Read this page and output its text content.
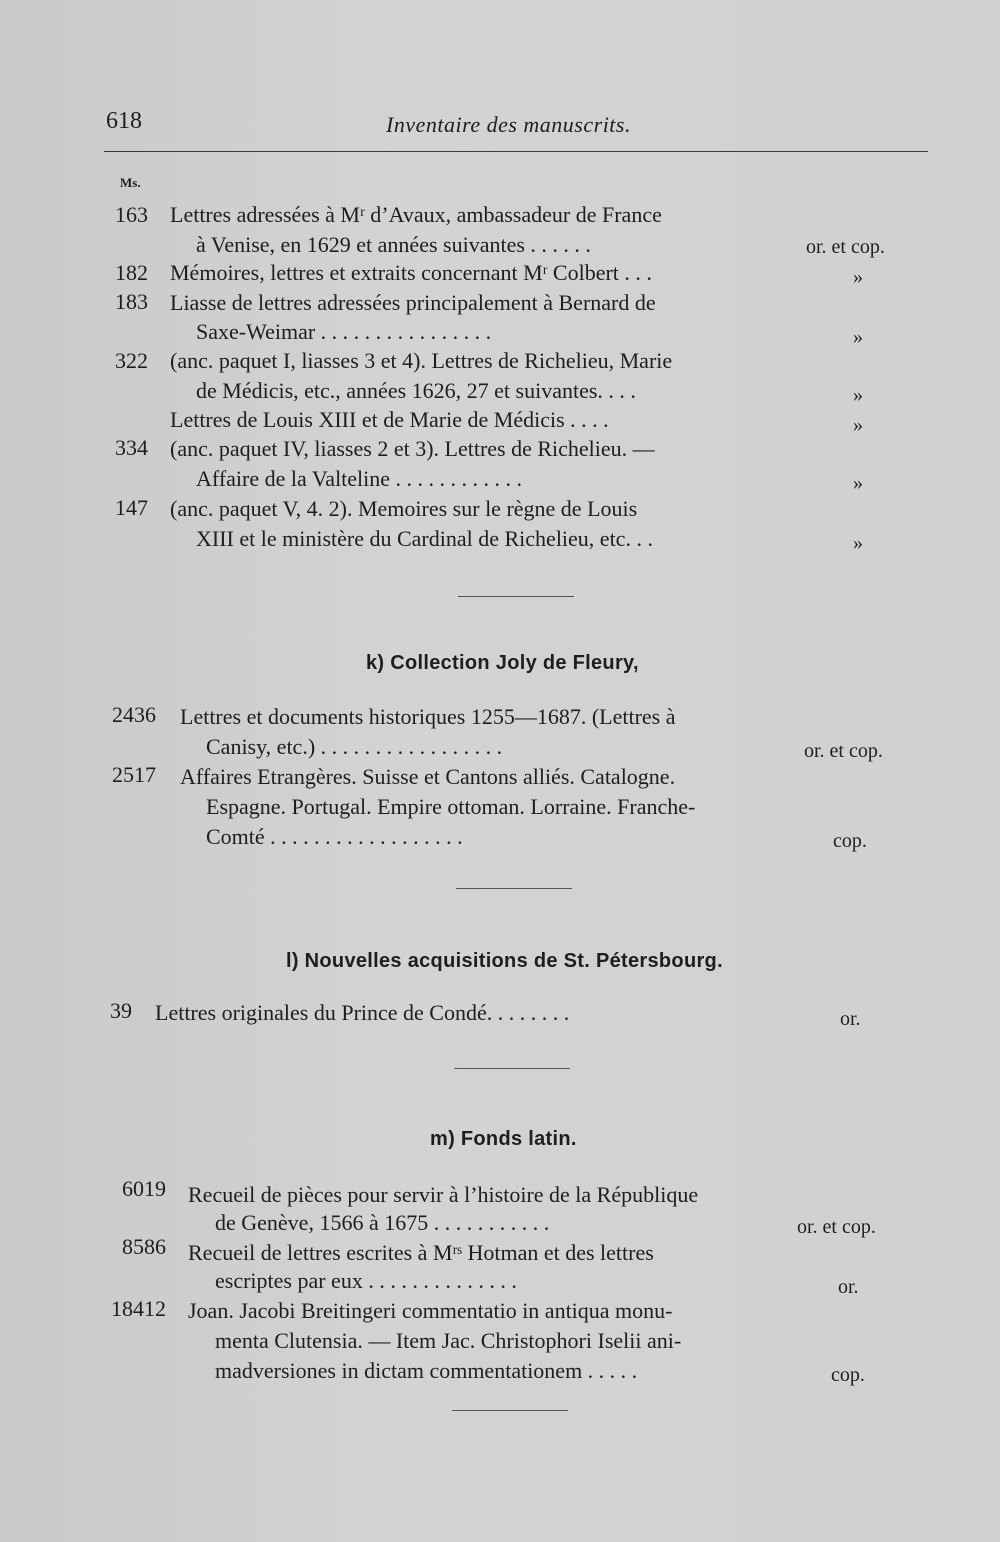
618	Inventaire des manuscrits.
Ms.
163 Lettres adressées à Mʳ d’Avaux, ambassadeur de France
à Venise, en 1629 et années suivantes . . . . . .	or. et cop.
182 Mémoires, lettres et extraits concernant Mʳ Colbert . . .	»
183 Liasse de lettres adressées principalement à Bernard de
Saxe-Weimar . . . . . . . . . . . . . . . .	»
322 (anc. paquet I, liasses 3 et 4). Lettres de Richelieu, Marie
de Médicis, etc., années 1626, 27 et suivantes. . . .	»
Lettres de Louis XIII et de Marie de Médicis . . . .	»
334 (anc. paquet IV, liasses 2 et 3). Lettres de Richelieu. —
Affaire de la Valteline . . . . . . . . . . . .	»
147 (anc. paquet V, 4. 2). Memoires sur le règne de Louis
XIII et le ministère du Cardinal de Richelieu, etc. . .	»
k) Collection Joly de Fleury,
2436 Lettres et documents historiques 1255—1687. (Lettres à
Canisy, etc.) . . . . . . . . . . . . . . . . .	or. et cop.
2517 Affaires Etrangères. Suisse et Cantons alliés. Catalogne.
Espagne. Portugal. Empire ottoman. Lorraine. Franche-
Comté . . . . . . . . . . . . . . . . . .	cop.
l) Nouvelles acquisitions de St. Pétersbourg.
39 Lettres originales du Prince de Condé. . . . . . . .	or.
m) Fonds latin.
6019 Recueil de pièces pour servir à l’histoire de la République
de Genève, 1566 à 1675 . . . . . . . . . . .	or. et cop.
8586 Recueil de lettres escrites à Mʳˢ Hotman et des lettres
escriptes par eux . . . . . . . . . . . . . .	or.
18412 Joan. Jacobi Breitingeri commentatio in antiqua monu-
menta Clutensia. — Item Jac. Christophori Iselii ani-
madversiones in dictam commentationem . . . . .	cop.
